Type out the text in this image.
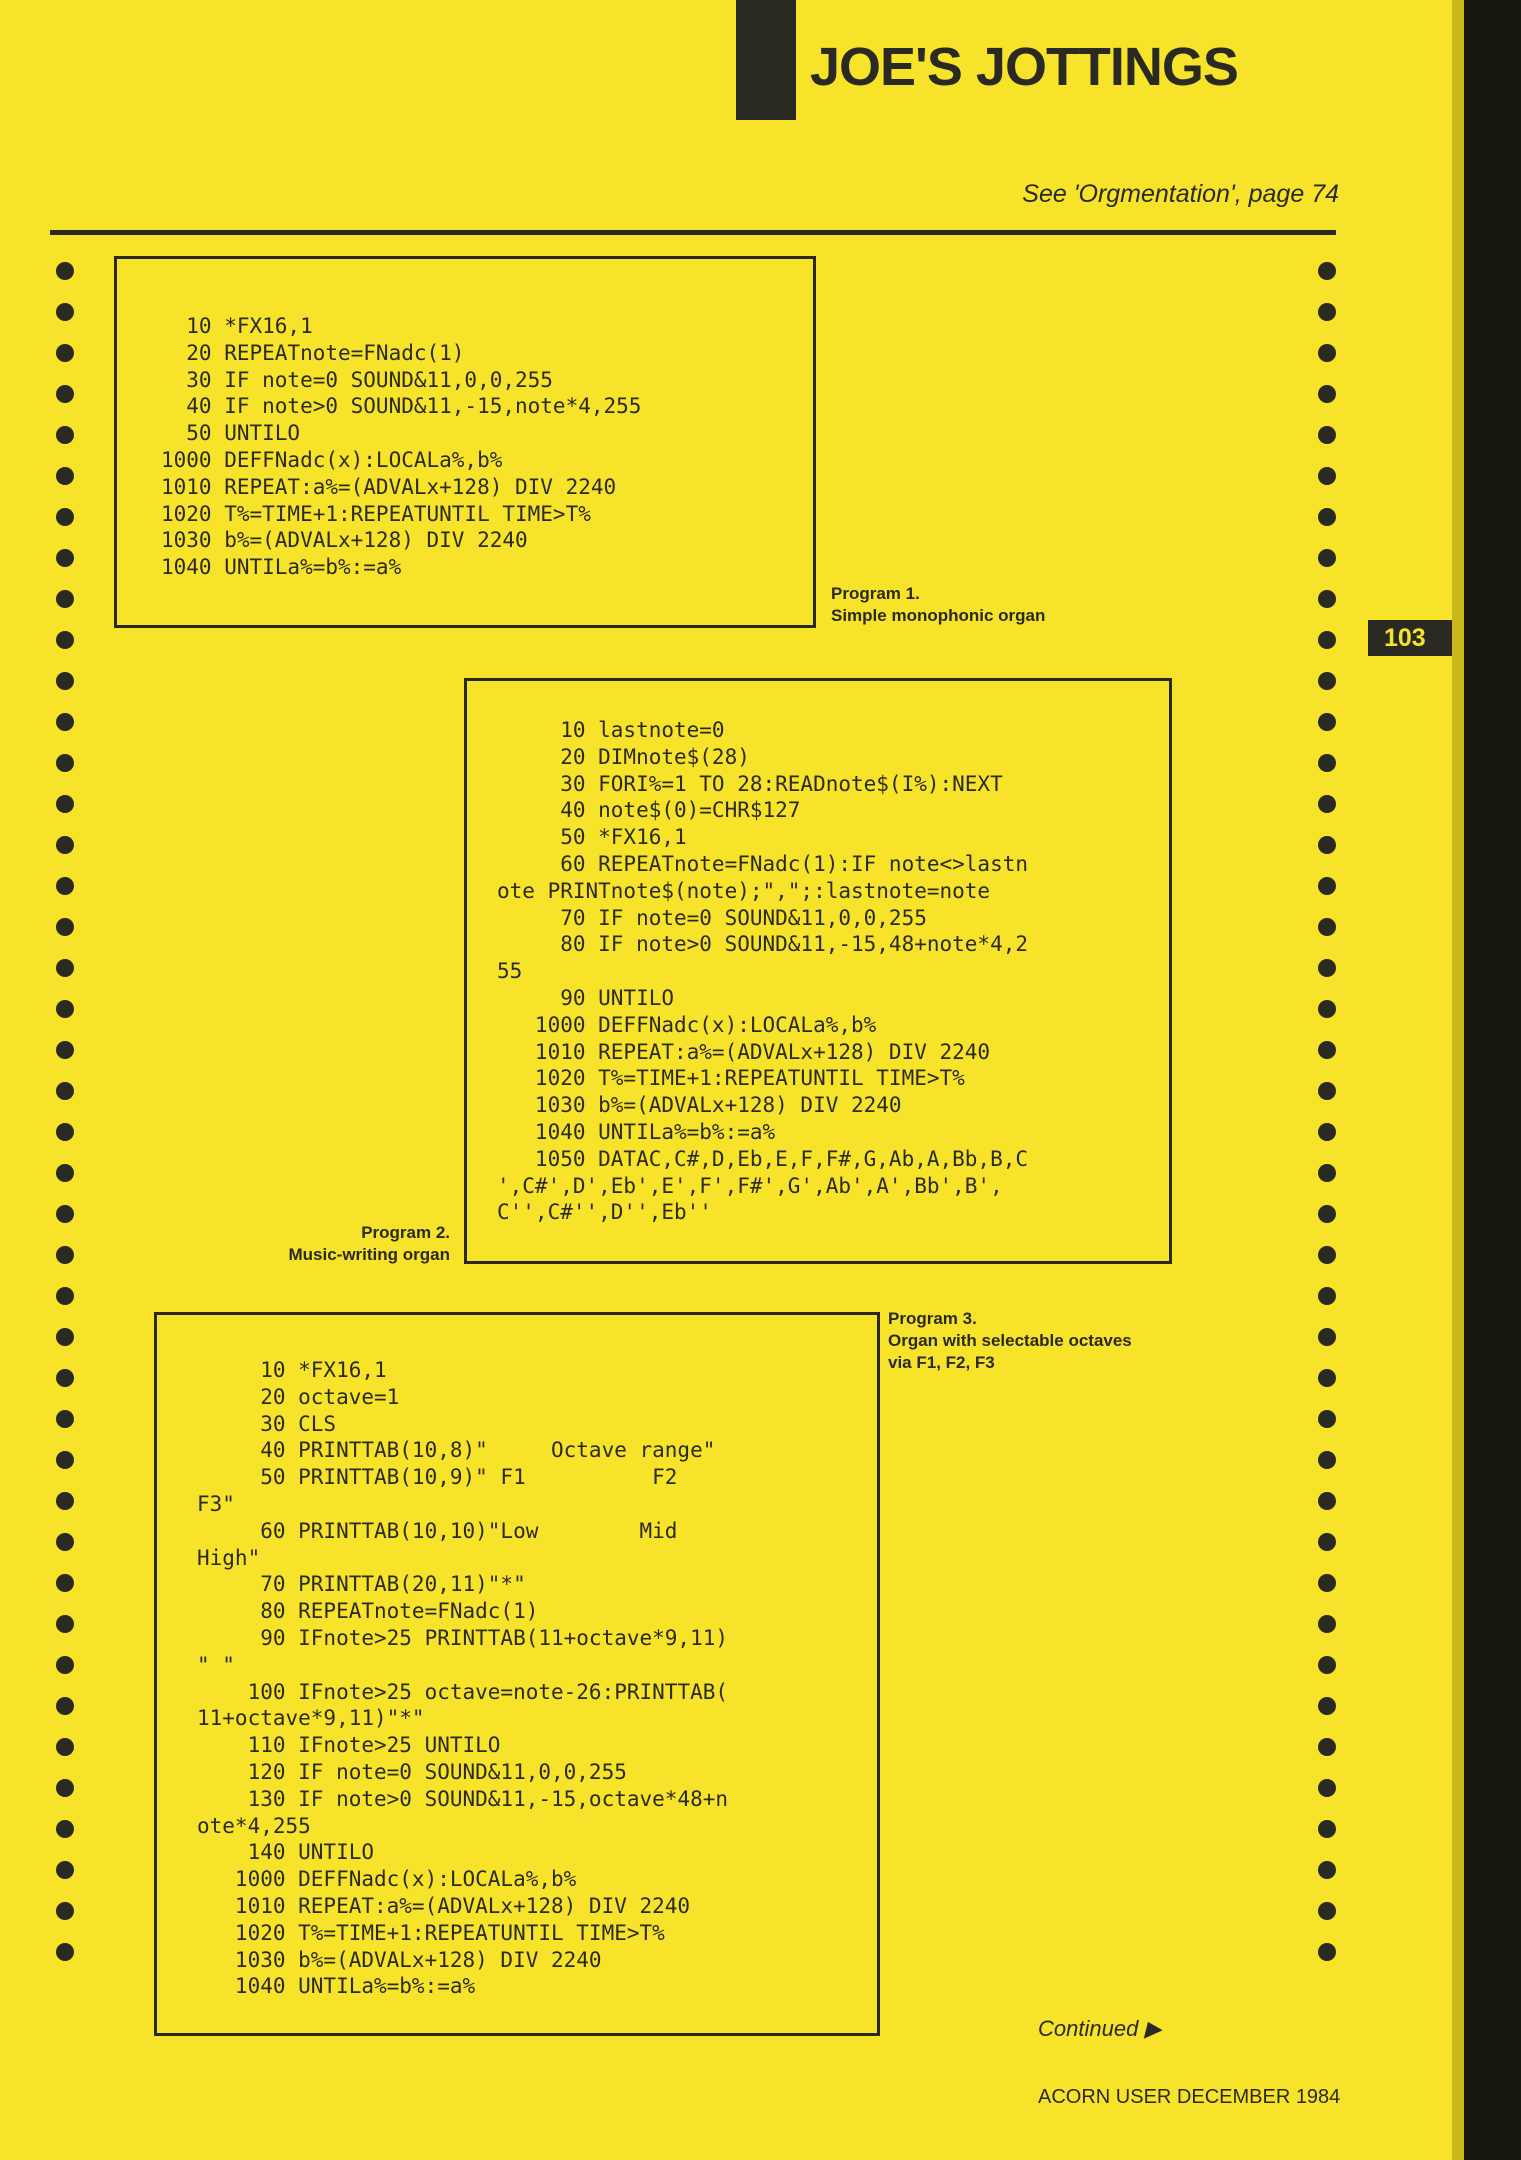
JOE'S JOTTINGS
See 'Orgmentation', page 74
103
10 *FX16,1
20 REPEATnote=FNadc(1)
30 IF note=0 SOUND&11,0,0,255
40 IF note>0 SOUND&11,-15,note*4,255
50 UNTILO
1000 DEFFNadc(x):LOCALa%,b%
1010 REPEAT:a%=(ADVALx+128) DIV 2240
1020 T%=TIME+1:REPEATUNTIL TIME>T%
1030 b%=(ADVALx+128) DIV 2240
1040 UNTILa%=b%:=a%
Program 1.
Simple monophonic organ
10 lastnote=0
20 DIMnote$(28)
30 FORI%=1 TO 28:READnote$(I%):NEXT
40 note$(0)=CHR$127
50 *FX16,1
60 REPEATnote=FNadc(1):IF note<>lastn
ote PRINTnote$(note);",";:lastnote=note
70 IF note=0 SOUND&11,0,0,255
80 IF note>0 SOUND&11,-15,48+note*4,2
55
90 UNTILO
1000 DEFFNadc(x):LOCALa%,b%
1010 REPEAT:a%=(ADVALx+128) DIV 2240
1020 T%=TIME+1:REPEATUNTIL TIME>T%
1030 b%=(ADVALx+128) DIV 2240
1040 UNTILa%=b%:=a%
1050 DATAC,C#,D,Eb,E,F,F#,G,Ab,A,Bb,B,C
',C#',D',Eb',E',F',F#',G',Ab',A',Bb',B',
C'',C#'',D'',Eb''
Program 2.
Music-writing organ
10 *FX16,1
20 octave=1
30 CLS
40 PRINTTAB(10,8)"     Octave range"
50 PRINTTAB(10,9)" F1          F2
F3"
60 PRINTTAB(10,10)"Low        Mid
High"
70 PRINTTAB(20,11)"*"
80 REPEATnote=FNadc(1)
90 IFnote>25 PRINTTAB(11+octave*9,11)
" "
100 IFnote>25 octave=note-26:PRINTTAB(
11+octave*9,11)"*"
110 IFnote>25 UNTILO
120 IF note=0 SOUND&11,0,0,255
130 IF note>0 SOUND&11,-15,octave*48+n
ote*4,255
140 UNTILO
1000 DEFFNadc(x):LOCALa%,b%
1010 REPEAT:a%=(ADVALx+128) DIV 2240
1020 T%=TIME+1:REPEATUNTIL TIME>T%
1030 b%=(ADVALx+128) DIV 2240
1040 UNTILa%=b%:=a%
Program 3.
Organ with selectable octaves
via F1, F2, F3
Continued ▶
ACORN USER DECEMBER 1984
